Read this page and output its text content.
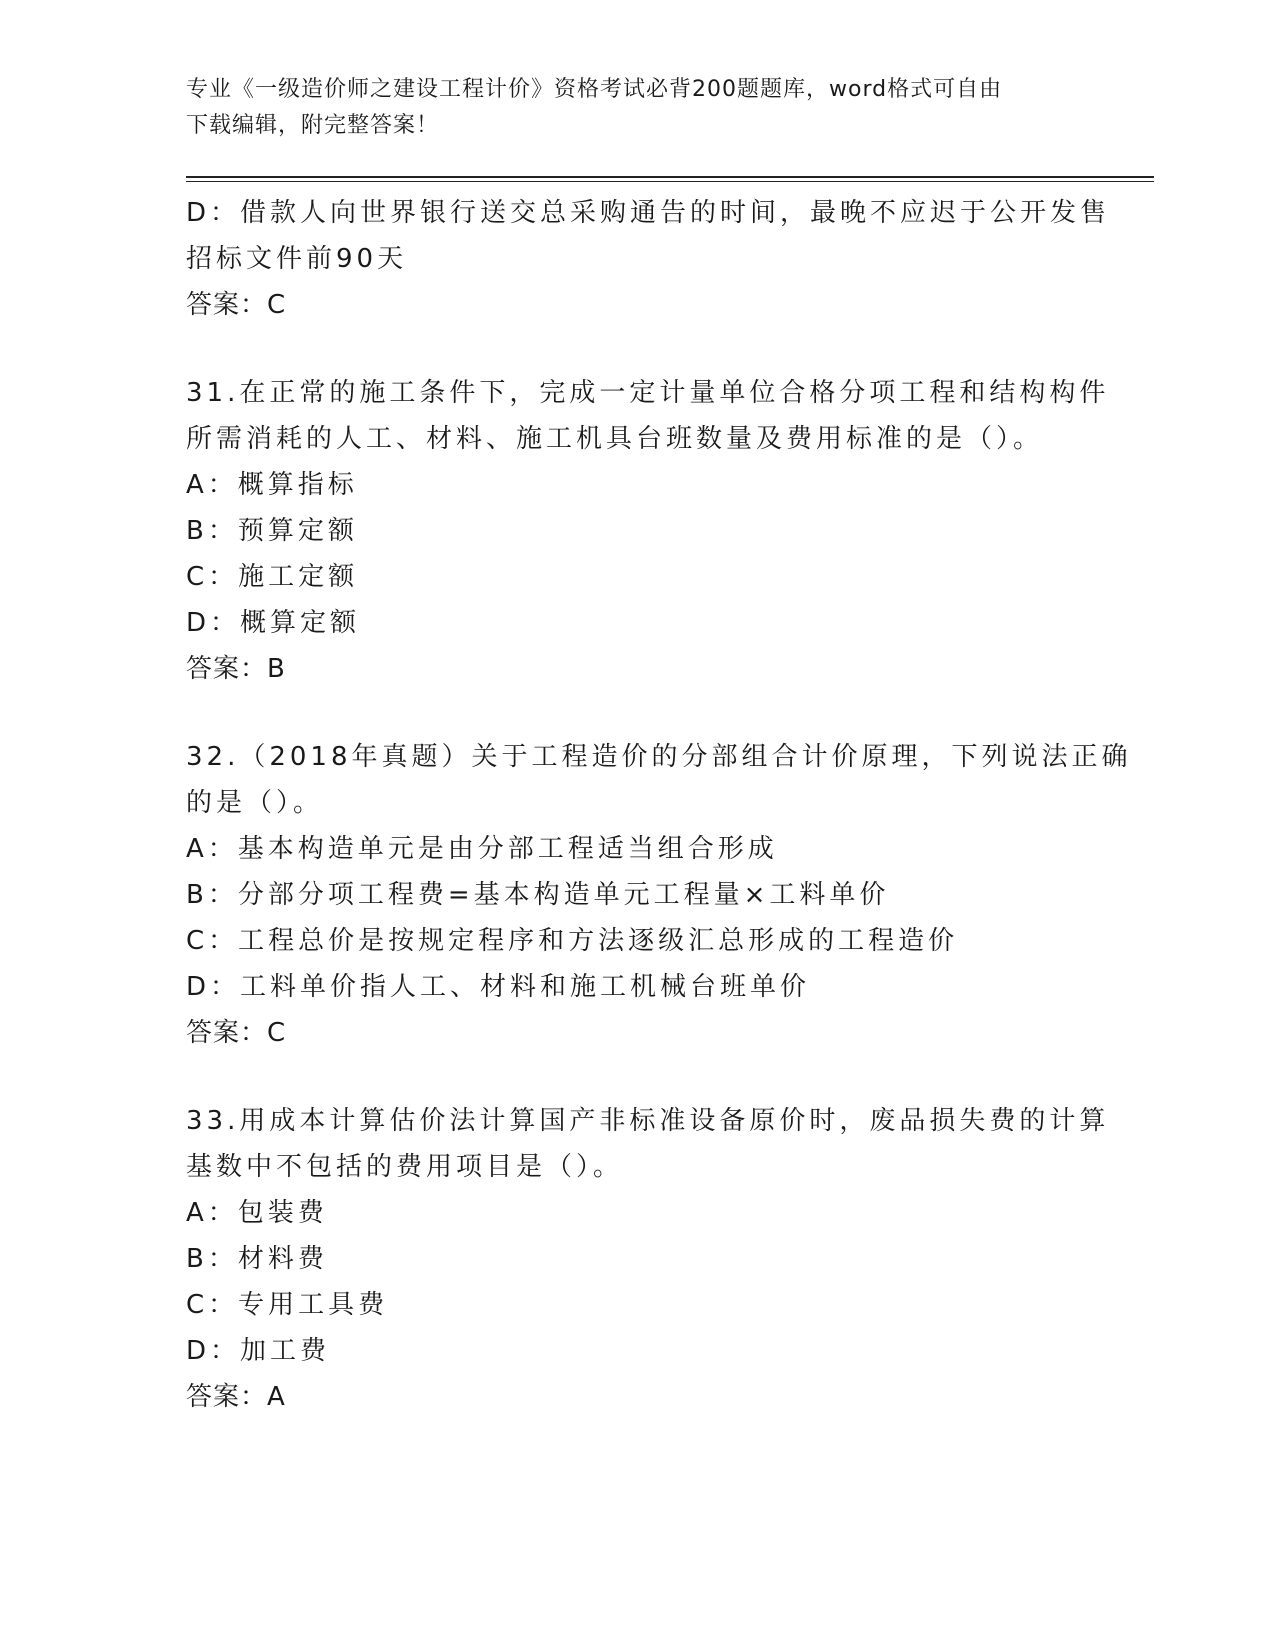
专业《一级造价师之建设工程计价》资格考试必背200题题库，word格式可自由
下载编辑，附完整答案！
D：借款人向世界银行送交总采购通告的时间，最晚不应迟于公开发售
招标文件前90天
答案：C
31.在正常的施工条件下，完成一定计量单位合格分项工程和结构构件
所需消耗的人工、材料、施工机具台班数量及费用标准的是（）。
A：概算指标
B：预算定额
C：施工定额
D：概算定额
答案：B
32.（2018年真题）关于工程造价的分部组合计价原理，下列说法正确
的是（）。
A：基本构造单元是由分部工程适当组合形成
B：分部分项工程费=基本构造单元工程量×工料单价
C：工程总价是按规定程序和方法逐级汇总形成的工程造价
D：工料单价指人工、材料和施工机械台班单价
答案：C
33.用成本计算估价法计算国产非标准设备原价时，废品损失费的计算
基数中不包括的费用项目是（）。
A：包装费
B：材料费
C：专用工具费
D：加工费
答案：A
